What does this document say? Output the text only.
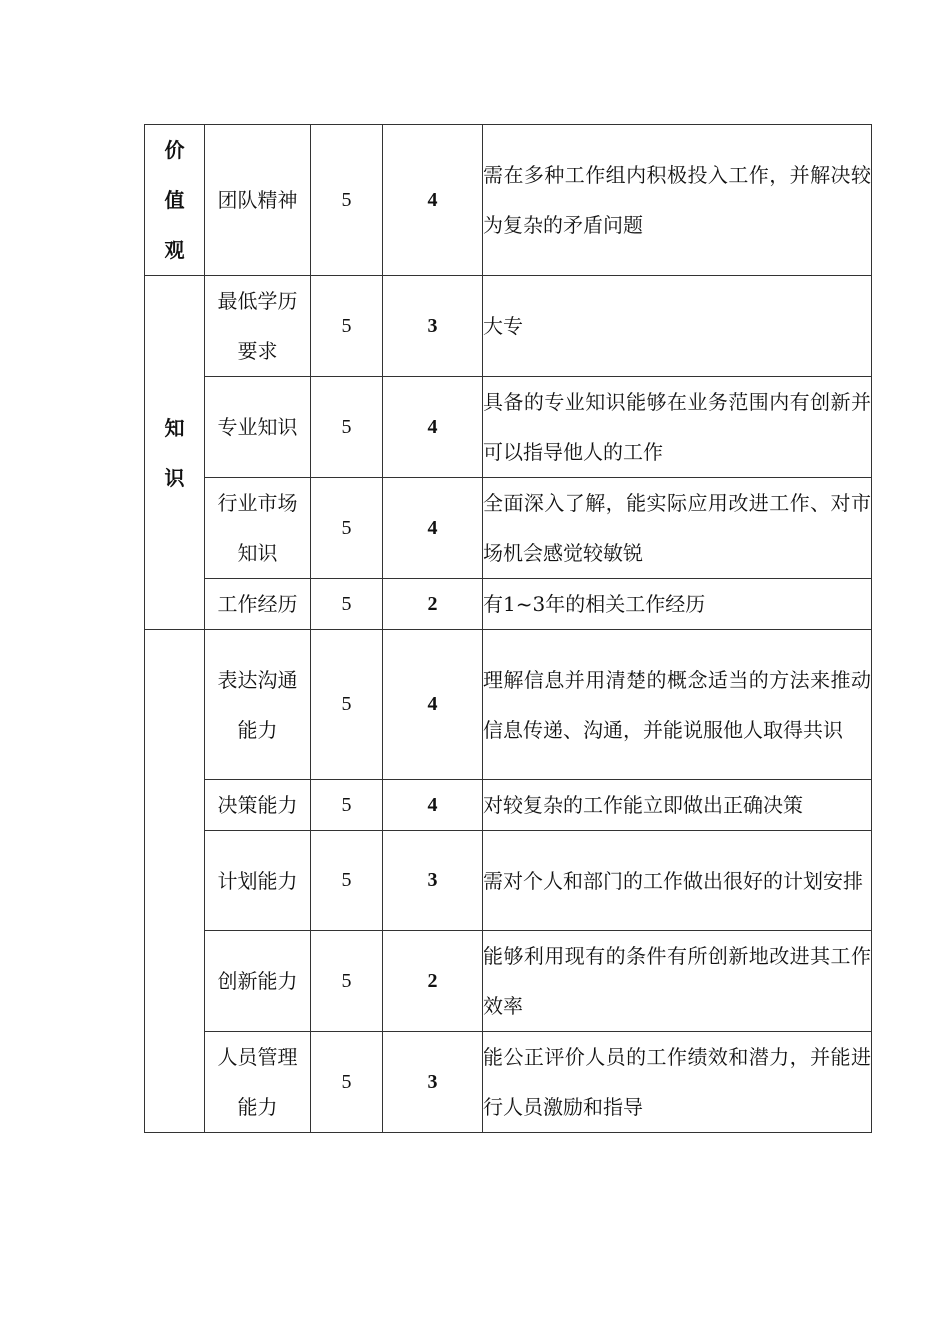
价值观	团队精神	5	4	需在多种工作组内积极投入工作，并解决较为复杂的矛盾问题

知识	最低学历要求	5	3	大专
	专业知识	5	4	具备的专业知识能够在业务范围内有创新并可以指导他人的工作
	行业市场知识	5	4	全面深入了解，能实际应用改进工作、对市场机会感觉较敏锐
	工作经历	5	2	有1~3年的相关工作经历

	表达沟通能力	5	4	理解信息并用清楚的概念适当的方法来推动信息传递、沟通，并能说服他人取得共识
	决策能力	5	4	对较复杂的工作能立即做出正确决策
	计划能力	5	3	需对个人和部门的工作做出很好的计划安排
	创新能力	5	2	能够利用现有的条件有所创新地改进其工作效率
	人员管理能力	5	3	能公正评价人员的工作绩效和潜力，并能进行人员激励和指导
